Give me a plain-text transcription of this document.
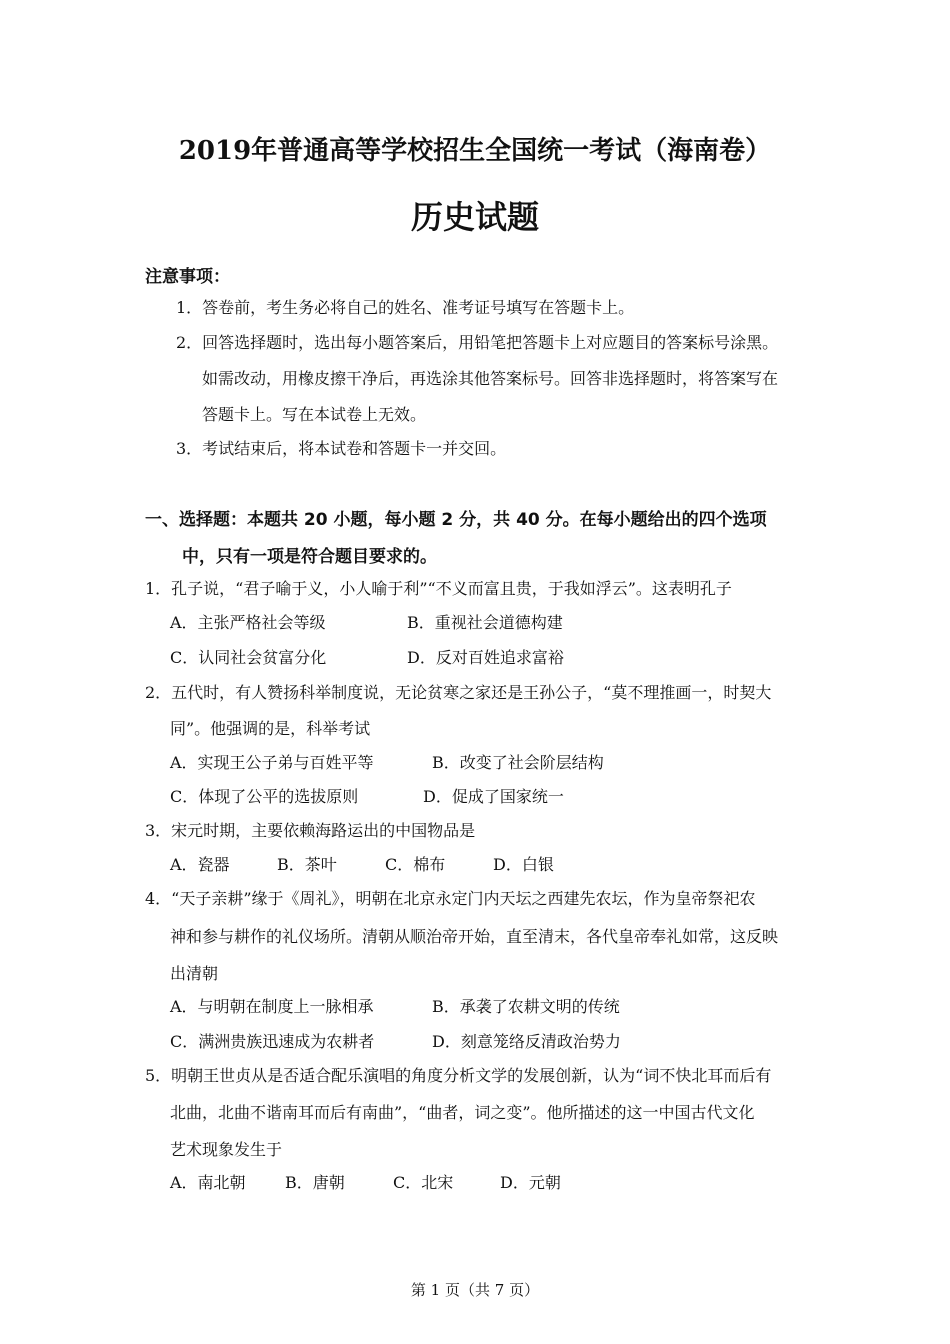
2019年普通高等学校招生全国统一考试（海南卷）
历史试题
注意事项：
1．答卷前，考生务必将自己的姓名、准考证号填写在答题卡上。
2．回答选择题时，选出每小题答案后，用铅笔把答题卡上对应题目的答案标号涂黑。
如需改动，用橡皮擦干净后，再选涂其他答案标号。回答非选择题时，将答案写在
答题卡上。写在本试卷上无效。
3．考试结束后，将本试卷和答题卡一并交回。
一、选择题：本题共 20 小题，每小题 2 分，共 40 分。在每小题给出的四个选项
中，只有一项是符合题目要求的。
1．孔子说，“君子喻于义，小人喻于利”“不义而富且贵，于我如浮云”。这表明孔子
A．主张严格社会等级	B．重视社会道德构建
C．认同社会贫富分化	D．反对百姓追求富裕
2．五代时，有人赞扬科举制度说，无论贫寒之家还是王孙公子，“莫不理推画一，时契大
同”。他强调的是，科举考试
A．实现王公子弟与百姓平等	B．改变了社会阶层结构
C．体现了公平的选拔原则	D．促成了国家统一
3．宋元时期，主要依赖海路运出的中国物品是
A．瓷器	B．茶叶	C．棉布	D．白银
4．“天子亲耕”缘于《周礼》，明朝在北京永定门内天坛之西建先农坛，作为皇帝祭祀农
神和参与耕作的礼仪场所。清朝从顺治帝开始，直至清末，各代皇帝奉礼如常，这反映
出清朝
A．与明朝在制度上一脉相承	B．承袭了农耕文明的传统
C．满洲贵族迅速成为农耕者	D．刻意笼络反清政治势力
5．明朝王世贞从是否适合配乐演唱的角度分析文学的发展创新，认为“词不快北耳而后有
北曲，北曲不谐南耳而后有南曲”，“曲者，词之变”。他所描述的这一中国古代文化
艺术现象发生于
A．南北朝 B．唐朝	C．北宋	D．元朝
第 1 页（共 7 页）
